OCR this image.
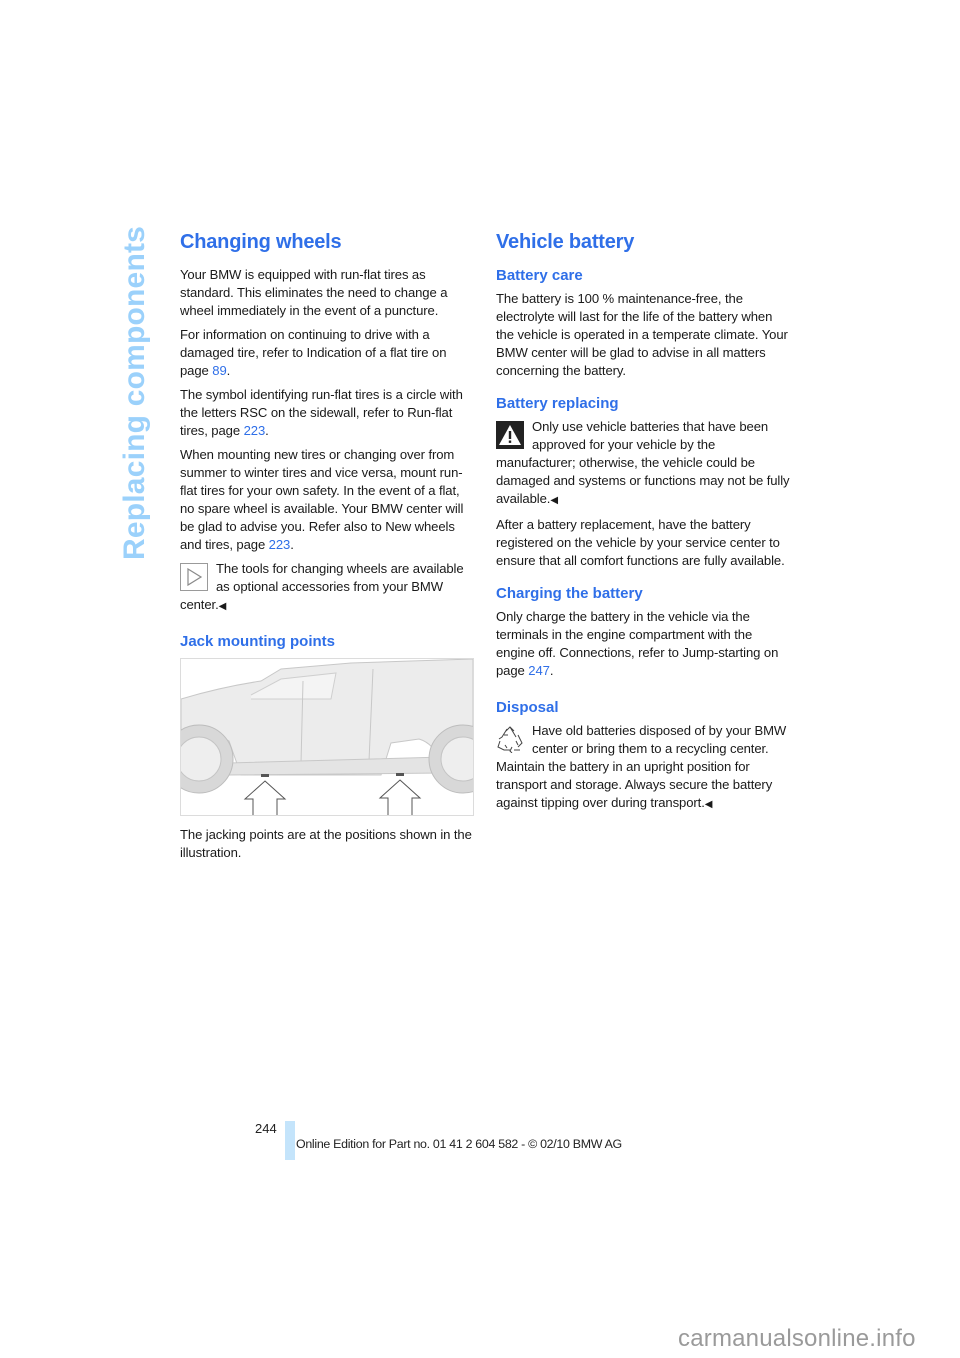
Replacing components Changing wheels

Your BMW is equipped with run-flat tires as standard. This eliminates the need to change a wheel immediately in the event of a puncture.

For information on continuing to drive with a damaged tire, refer to Indication of a flat tire on page 89.

The symbol identifying run-flat tires is a circle with the letters RSC on the sidewall, refer to Run-flat tires, page 223.

When mounting new tires or changing over from summer to winter tires and vice versa, mount run-flat tires for your own safety. In the event of a flat, no spare wheel is available. Your BMW center will be glad to advise you. Refer also to New wheels and tires, page 223.

The tools for changing wheels are available as optional accessories from your BMW center.◀

Jack mounting points

The jacking points are at the positions shown in the illustration.

Vehicle battery
Battery care

The battery is 100 % maintenance-free, the electrolyte will last for the life of the battery when the vehicle is operated in a temperate climate. Your BMW center will be glad to advise in all matters concerning the battery.

Battery replacing

Only use vehicle batteries that have been approved for your vehicle by the manufacturer; otherwise, the vehicle could be damaged and systems or functions may not be fully available.◀

After a battery replacement, have the battery registered on the vehicle by your service center to ensure that all comfort functions are fully available.

Charging the battery

Only charge the battery in the vehicle via the terminals in the engine compartment with the engine off. Connections, refer to Jump-starting on page 247.

Disposal

Have old batteries disposed of by your BMW center or bring them to a recycling center. Maintain the battery in an upright position for transport and storage. Always secure the battery against tipping over during transport.◀

244
Online Edition for Part no. 01 41 2 604 582 - © 02/10 BMW AG
carmanualsonline.info
